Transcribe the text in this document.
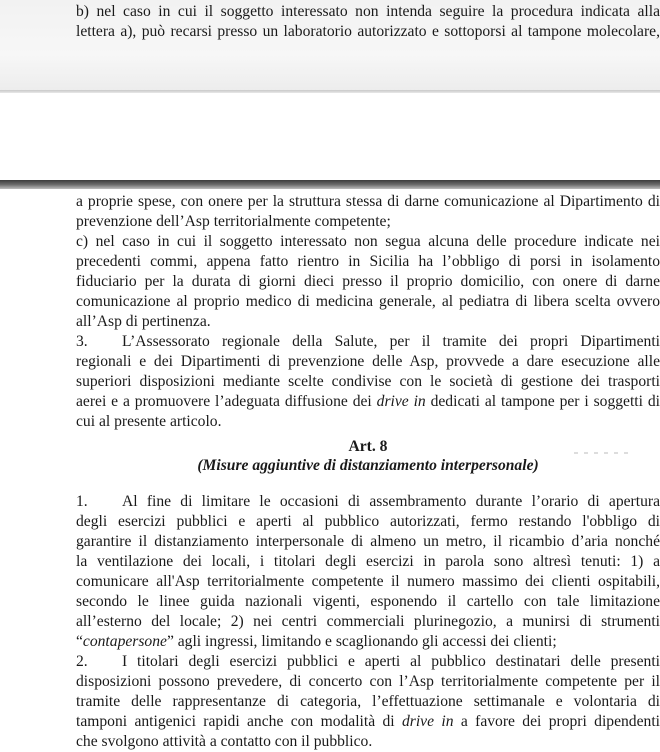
b) nel caso in cui il soggetto interessato non intenda seguire la procedura indicata alla
lettera a), può recarsi presso un laboratorio autorizzato e sottoporsi al tampone molecolare,
a proprie spese, con onere per la struttura stessa di darne comunicazione al Dipartimento di
prevenzione dell’Asp territorialmente competente;
c) nel caso in cui il soggetto interessato non segua alcuna delle procedure indicate nei
precedenti commi, appena fatto rientro in Sicilia ha l’obbligo di porsi in isolamento
fiduciario per la durata di giorni dieci presso il proprio domicilio, con onere di darne
comunicazione al proprio medico di medicina generale, al pediatra di libera scelta ovvero
all’Asp di pertinenza.
3. L’Assessorato regionale della Salute, per il tramite dei propri Dipartimenti
regionali e dei Dipartimenti di prevenzione delle Asp, provvede a dare esecuzione alle
superiori disposizioni mediante scelte condivise con le società di gestione dei trasporti
aerei e a promuovere l’adeguata diffusione dei drive in dedicati al tampone per i soggetti di
cui al presente articolo.
Art. 8
(Misure aggiuntive di distanziamento interpersonale)
1. Al fine di limitare le occasioni di assembramento durante l’orario di apertura
degli esercizi pubblici e aperti al pubblico autorizzati, fermo restando l'obbligo di
garantire il distanziamento interpersonale di almeno un metro, il ricambio d’aria nonché
la ventilazione dei locali, i titolari degli esercizi in parola sono altresì tenuti: 1) a
comunicare all'Asp territorialmente competente il numero massimo dei clienti ospitabili,
secondo le linee guida nazionali vigenti, esponendo il cartello con tale limitazione
all’esterno del locale; 2) nei centri commerciali plurinegozio, a munirsi di strumenti
“contapersone” agli ingressi, limitando e scaglionando gli accessi dei clienti;
2. I titolari degli esercizi pubblici e aperti al pubblico destinatari delle presenti
disposizioni possono prevedere, di concerto con l’Asp territorialmente competente per il
tramite delle rappresentanze di categoria, l’effettuazione settimanale e volontaria di
tamponi antigenici rapidi anche con modalità di drive in a favore dei propri dipendenti
che svolgono attività a contatto con il pubblico.
